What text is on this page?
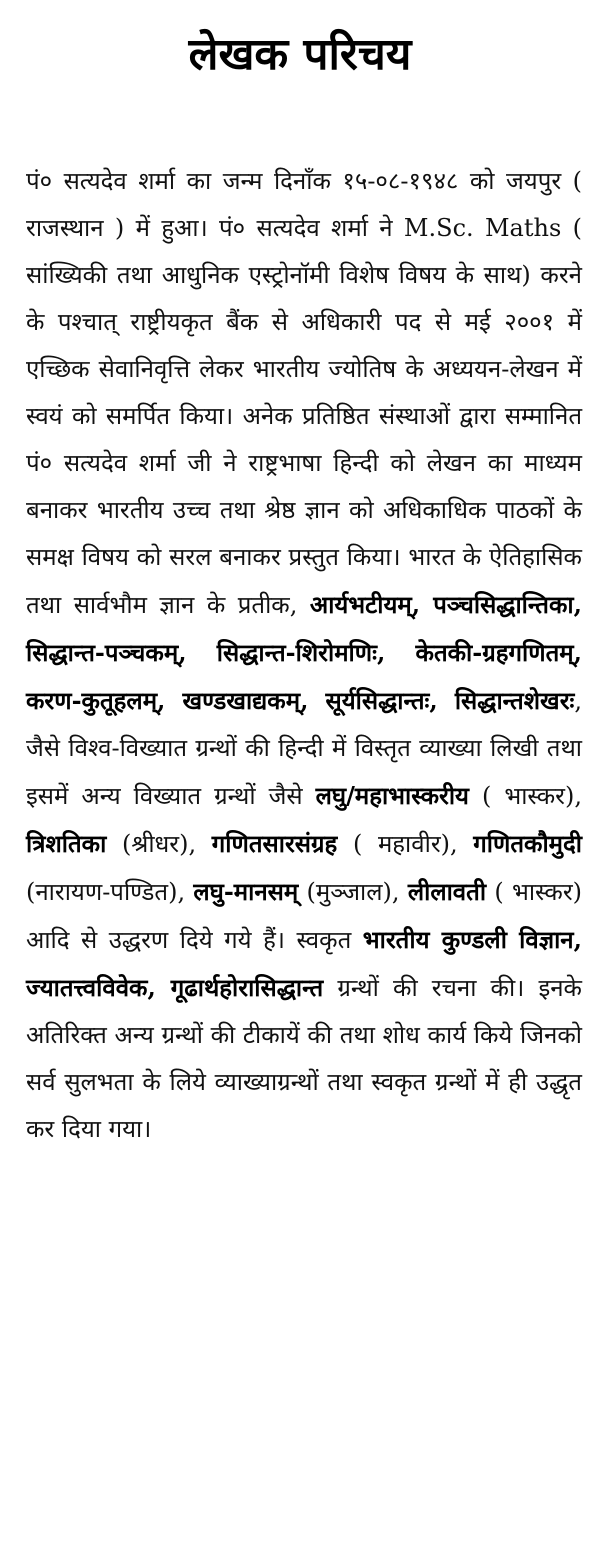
लेखक परिचय

पं० सत्यदेव शर्मा का जन्म दिनाँक १५-०८-१९४८ को जयपुर ( राजस्थान ) में हुआ। पं० सत्यदेव शर्मा ने M.Sc. Maths ( सांख्यिकी तथा आधुनिक एस्ट्रोनॉमी विशेष विषय के साथ) करने के पश्चात् राष्ट्रीयकृत बैंक से अधिकारी पद से मई २००१ में एच्छिक सेवानिवृत्ति लेकर भारतीय ज्योतिष के अध्ययन-लेखन में स्वयं को समर्पित किया। अनेक प्रतिष्ठित संस्थाओं द्वारा सम्मानित पं० सत्यदेव शर्मा जी ने राष्ट्रभाषा हिन्दी को लेखन का माध्यम बनाकर भारतीय उच्च तथा श्रेष्ठ ज्ञान को अधिकाधिक पाठकों के समक्ष विषय को सरल बनाकर प्रस्तुत किया। भारत के ऐतिहासिक तथा सार्वभौम ज्ञान के प्रतीक, आर्यभटीयम्, पञ्चसिद्धान्तिका, सिद्धान्त-पञ्चकम्, सिद्धान्त-शिरोमणिः, केतकी-ग्रहगणितम्, करण-कुतूहलम्, खण्डखाद्यकम्, सूर्यसिद्धान्तः, सिद्धान्तशेखरः, जैसे विश्व-विख्यात ग्रन्थों की हिन्दी में विस्तृत व्याख्या लिखी तथा इसमें अन्य विख्यात ग्रन्थों जैसे लघु/महाभास्करीय ( भास्कर), त्रिशतिका (श्रीधर), गणितसारसंग्रह ( महावीर), गणितकौमुदी (नारायण-पण्डित), लघु-मानसम् (मुञ्जाल), लीलावती ( भास्कर) आदि से उद्धरण दिये गये हैं। स्वकृत भारतीय कुण्डली विज्ञान, ज्यातत्त्वविवेक, गूढार्थहोरासिद्धान्त ग्रन्थों की रचना की। इनके अतिरिक्त अन्य ग्रन्थों की टीकायें की तथा शोध कार्य किये जिनको सर्व सुलभता के लिये व्याख्याग्रन्थों तथा स्वकृत ग्रन्थों में ही उद्धृत कर दिया गया।
